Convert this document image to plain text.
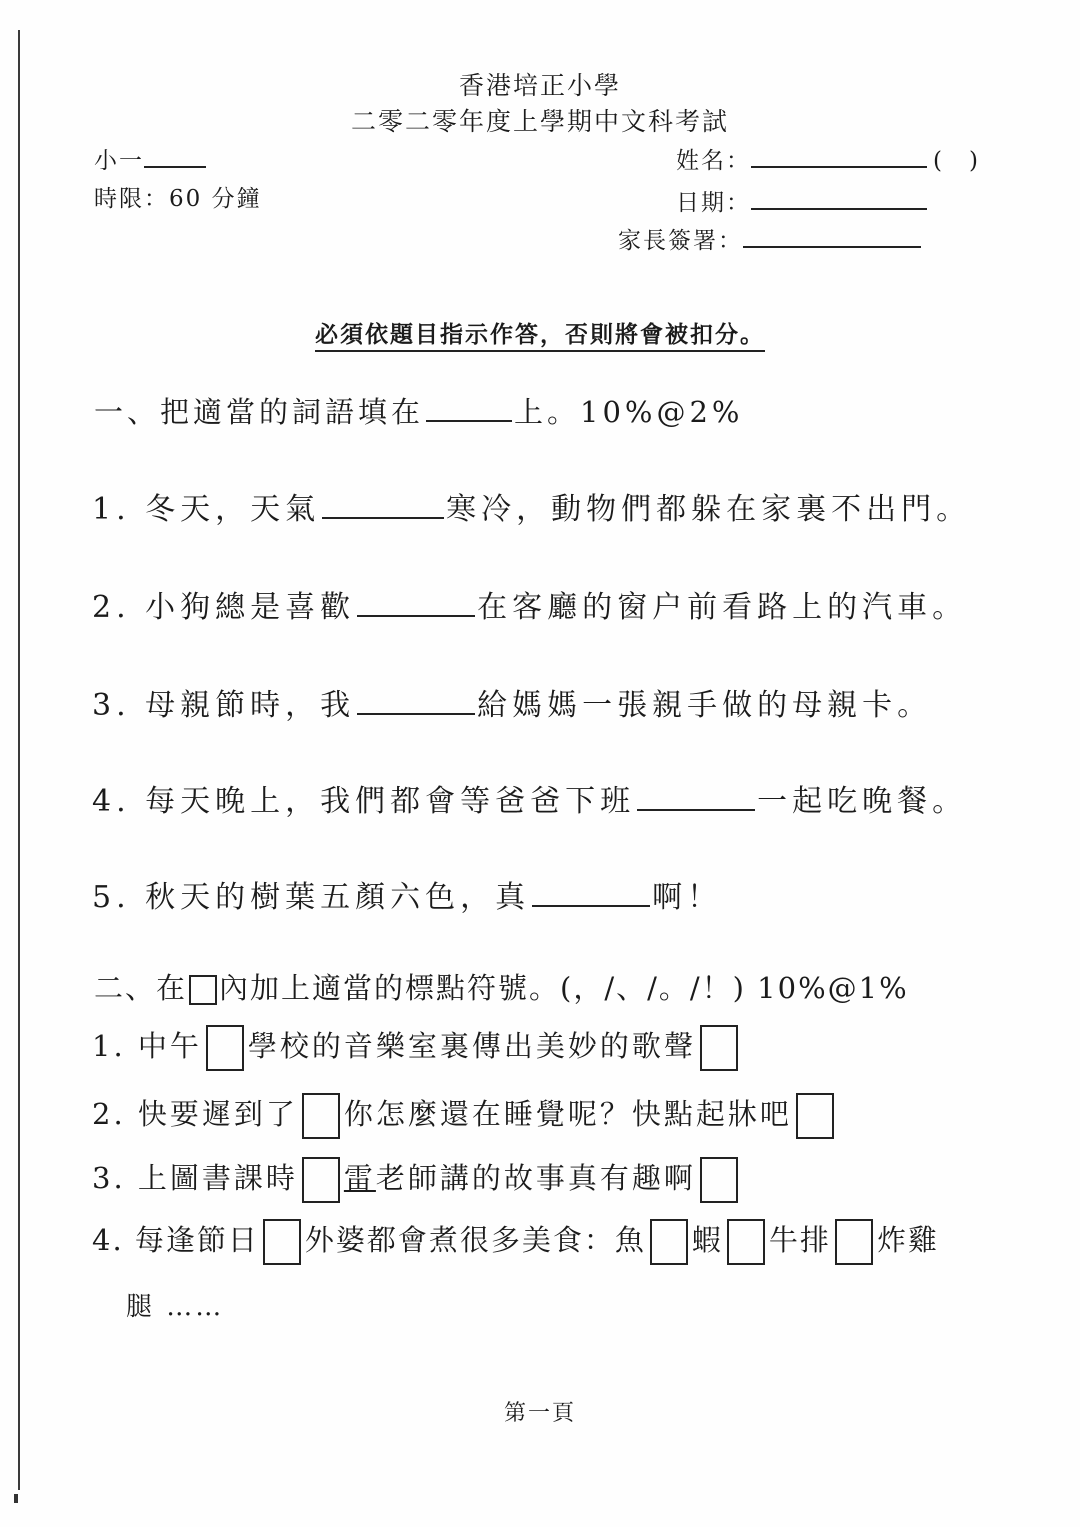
香港培正小學
二零二零年度上學期中文科考試
小一
時限：60 分鐘
姓名：	(　)
日期：
家長簽署：
必須依題目指示作答，否則將會被扣分。
一、把適當的詞語填在	上。10%@2%
1. 冬天，天氣	寒冷，動物們都躲在家裏不出門。
2. 小狗總是喜歡	在客廳的窗户前看路上的汽車。
3. 母親節時，我	給媽媽一張親手做的母親卡。
4. 每天晚上，我們都會等爸爸下班	一起吃晚餐。
5. 秋天的樹葉五顏六色，真	啊！
二、在 內加上適當的標點符號。(，/、/。/！) 10%@1%
1. 中午 學校的音樂室裏傳出美妙的歌聲
2. 快要遲到了 你怎麼還在睡覺呢？快點起牀吧
3. 上圖書課時 雷老師講的故事真有趣啊
4. 每逢節日 外婆都會煮很多美食：魚 蝦 牛排 炸雞
腿 ……
第一頁
